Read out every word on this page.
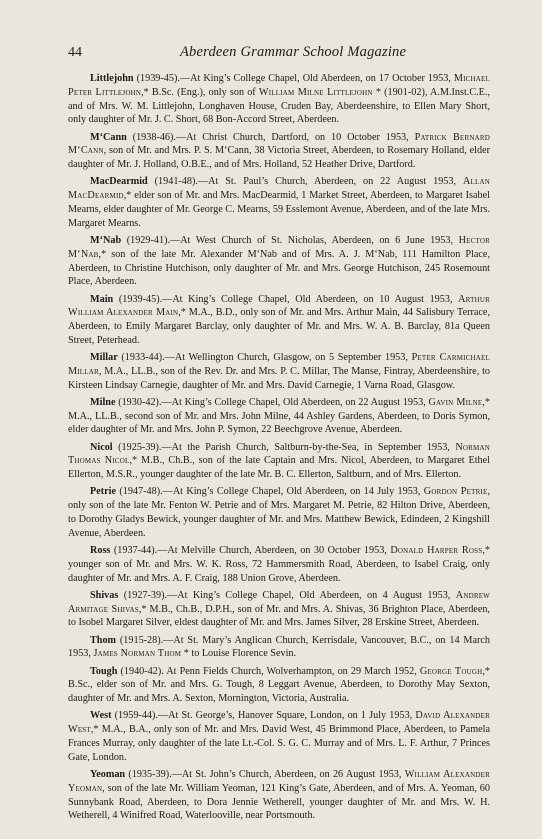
44	Aberdeen Grammar School Magazine

Littlejohn (1939-45).—At King’s College Chapel, Old Aberdeen, on 17 October 1953, Michael Peter Littlejohn,* B.Sc. (Eng.), only son of William Milne Littlejohn * (1901-02), A.M.Inst.C.E., and of Mrs. W. M. Littlejohn, Longhaven House, Cruden Bay, Aberdeenshire, to Ellen Mary Short, only daughter of Mr. J. C. Short, 68 Bon-Accord Street, Aberdeen.

M‘Cann (1938-46).—At Christ Church, Dartford, on 10 October 1953, Patrick Bernard M‘Cann, son of Mr. and Mrs. P. S. M‘Cann, 38 Victoria Street, Aberdeen, to Rosemary Holland, elder daughter of Mr. J. Holland, O.B.E., and of Mrs. Holland, 52 Heather Drive, Dartford.

MacDearmid (1941-48).—At St. Paul’s Church, Aberdeen, on 22 August 1953, Allan MacDearmid,* elder son of Mr. and Mrs. MacDearmid, 1 Market Street, Aberdeen, to Margaret Isabel Mearns, elder daughter of Mr. George C. Mearns, 59 Esslemont Avenue, Aberdeen, and of the late Mrs. Margaret Mearns.

M‘Nab (1929-41).—At West Church of St. Nicholas, Aberdeen, on 6 June 1953, Hector M‘Nab,* son of the late Mr. Alexander M‘Nab and of Mrs. A. J. M‘Nab, 111 Hamilton Place, Aberdeen, to Christine Hutchison, only daughter of Mr. and Mrs. George Hutchison, 245 Rosemount Place, Aberdeen.

Main (1939-45).—At King’s College Chapel, Old Aberdeen, on 10 August 1953, Arthur William Alexander Main,* M.A., B.D., only son of Mr. and Mrs. Arthur Main, 44 Salisbury Terrace, Aberdeen, to Emily Margaret Barclay, only daughter of Mr. and Mrs. W. A. B. Barclay, 81a Queen Street, Peterhead.

Millar (1933-44).—At Wellington Church, Glasgow, on 5 September 1953, Peter Carmichael Millar, M.A., LL.B., son of the Rev. Dr. and Mrs. P. C. Millar, The Manse, Fintray, Aberdeenshire, to Kirsteen Lindsay Carnegie, daughter of Mr. and Mrs. David Carnegie, 1 Varna Road, Glasgow.

Milne (1930-42).—At King’s College Chapel, Old Aberdeen, on 22 August 1953, Gavin Milne,* M.A., LL.B., second son of Mr. and Mrs. John Milne, 44 Ashley Gardens, Aberdeen, to Doris Symon, elder daughter of Mr. and Mrs. John P. Symon, 22 Beechgrove Avenue, Aberdeen.

Nicol (1925-39).—At the Parish Church, Saltburn-by-the-Sea, in September 1953, Norman Thomas Nicol,* M.B., Ch.B., son of the late Captain and Mrs. Nicol, Aberdeen, to Margaret Ethel Ellerton, M.S.R., younger daughter of the late Mr. B. C. Ellerton, Saltburn, and of Mrs. Ellerton.

Petrie (1947-48).—At King’s College Chapel, Old Aberdeen, on 14 July 1953, Gordon Petrie, only son of the late Mr. Fenton W. Petrie and of Mrs. Margaret M. Petrie, 82 Hilton Drive, Aberdeen, to Dorothy Gladys Bewick, younger daughter of Mr. and Mrs. Matthew Bewick, Edindeen, 2 Kingshill Avenue, Aberdeen.

Ross (1937-44).—At Melville Church, Aberdeen, on 30 October 1953, Donald Harper Ross,* younger son of Mr. and Mrs. W. K. Ross, 72 Hammersmith Road, Aberdeen, to Isabel Craig, only daughter of Mr. and Mrs. A. F. Craig, 188 Union Grove, Aberdeen.

Shivas (1927-39).—At King’s College Chapel, Old Aberdeen, on 4 August 1953, Andrew Armitage Shivas,* M.B., Ch.B., D.P.H., son of Mr. and Mrs. A. Shivas, 36 Brighton Place, Aberdeen, to Isobel Margaret Silver, eldest daughter of Mr. and Mrs. James Silver, 28 Erskine Street, Aberdeen.

Thom (1915-28).—At St. Mary’s Anglican Church, Kerrisdale, Vancouver, B.C., on 14 March 1953, James Norman Thom * to Louise Florence Sevin.

Tough (1940-42). At Penn Fields Church, Wolverhampton, on 29 March 1952, George Tough,* B.Sc., elder son of Mr. and Mrs. G. Tough, 8 Leggart Avenue, Aberdeen, to Dorothy May Sexton, daughter of Mr. and Mrs. A. Sexton, Mornington, Victoria, Australia.

West (1959-44).—At St. George’s, Hanover Square, London, on 1 July 1953, David Alexander West,* M.A., B.A., only son of Mr. and Mrs. David West, 45 Brimmond Place, Aberdeen, to Pamela Frances Murray, only daughter of the late Lt.-Col. S. G. C. Murray and of Mrs. L. F. Arthur, 7 Princes Gate, London.

Yeoman (1935-39).—At St. John’s Church, Aberdeen, on 26 August 1953, William Alexander Yeoman, son of the late Mr. William Yeoman, 121 King’s Gate, Aberdeen, and of Mrs. A. Yeoman, 60 Sunnybank Road, Aberdeen, to Dora Jennie Wetherell, younger daughter of Mr. and Mrs. W. H. Wetherell, 4 Winifred Road, Waterlooville, near Portsmouth.
